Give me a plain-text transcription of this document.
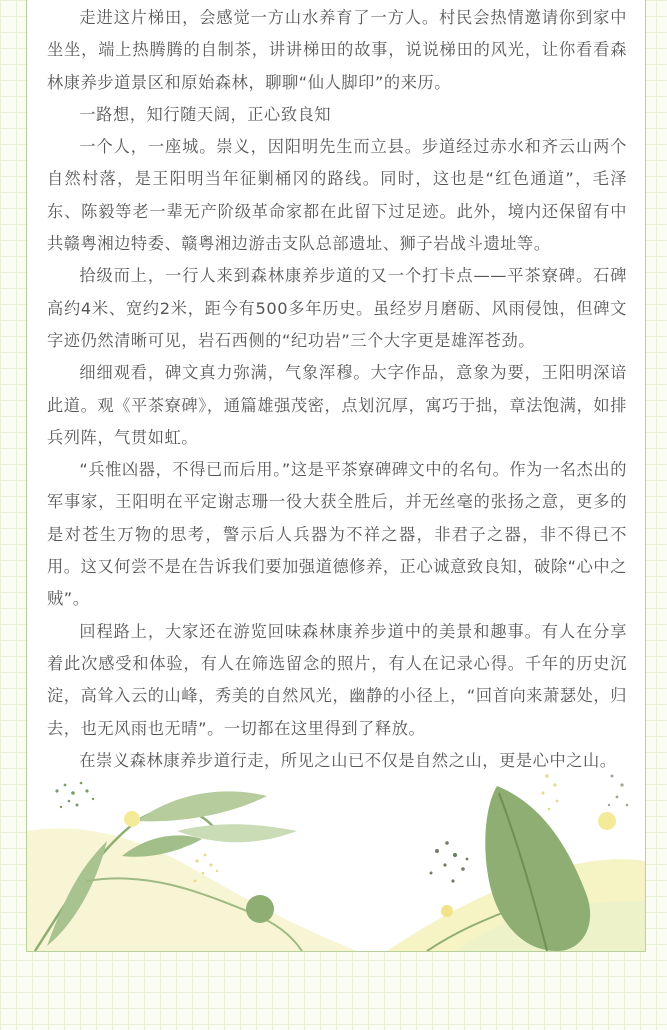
走进这片梯田，会感觉一方山水养育了一方人。村民会热情邀请你到家中坐坐，端上热腾腾的自制茶，讲讲梯田的故事，说说梯田的风光，让你看看森林康养步道景区和原始森林，聊聊“仙人脚印”的来历。

一路想，知行随天阔，正心致良知

一个人，一座城。崇义，因阳明先生而立县。步道经过赤水和齐云山两个自然村落，是王阳明当年征剿桶冈的路线。同时，这也是“红色通道”，毛泽东、陈毅等老一辈无产阶级革命家都在此留下过足迹。此外，境内还保留有中共赣粤湘边特委、赣粤湘边游击支队总部遗址、狮子岩战斗遗址等。

拾级而上，一行人来到森林康养步道的又一个打卡点——平茶寮碑。石碑高约4米、宽约2米，距今有500多年历史。虽经岁月磨砺、风雨侵蚀，但碑文字迹仍然清晰可见，岩石西侧的“纪功岩”三个大字更是雄浑苍劲。

细细观看，碑文真力弥满，气象浑穆。大字作品，意象为要，王阳明深谙此道。观《平茶寮碑》，通篇雄强茂密，点划沉厚，寓巧于拙，章法饱满，如排兵列阵，气贯如虹。

“兵惟凶器，不得已而后用。”这是平茶寮碑碑文中的名句。作为一名杰出的军事家，王阳明在平定谢志珊一役大获全胜后，并无丝毫的张扬之意，更多的是对苍生万物的思考，警示后人兵器为不祥之器，非君子之器，非不得已不用。这又何尝不是在告诉我们要加强道德修养，正心诚意致良知，破除“心中之贼”。

回程路上，大家还在游览回味森林康养步道中的美景和趣事。有人在分享着此次感受和体验，有人在筛选留念的照片，有人在记录心得。千年的历史沉淀，高耸入云的山峰，秀美的自然风光，幽静的小径上，“回首向来萧瑟处，归去，也无风雨也无晴”。一切都在这里得到了释放。

在崇义森林康养步道行走，所见之山已不仅是自然之山，更是心中之山。
